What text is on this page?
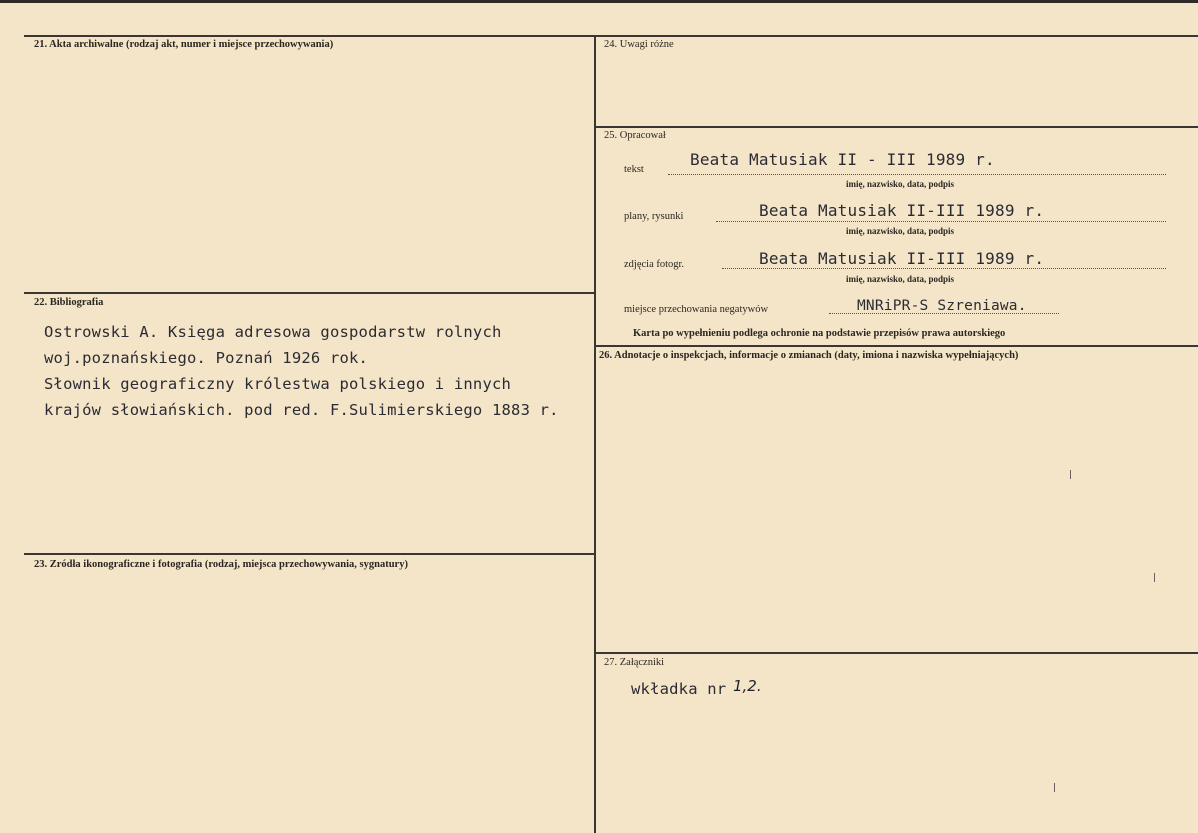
21. Akta archiwalne (rodzaj akt, numer i miejsce przechowywania)
22. Bibliografia
Ostrowski A. Księga adresowa gospodarstw rolnych
woj.poznańskiego. Poznań 1926 rok.
Słownik geograficzny królestwa polskiego i innych
krajów słowiańskich. pod red. F.Sulimierskiego 1883 r.
23. Zródła ikonograficzne i fotografia (rodzaj, miejsca przechowywania, sygnatury)
24. Uwagi różne
25. Opracował
tekst
Beata Matusiak II - III 1989 r.
imię, nazwisko, data, podpis
plany, rysunki	Beata Matusiak II-III 1989 r.
imię, nazwisko, data, podpis
zdjęcia fotogr.	Beata Matusiak II-III 1989 r.
imię, nazwisko, data, podpis
miejsce przechowania negatywów	MNRiPR-S Szreniawa.
Karta po wypełnieniu podlega ochronie na podstawie przepisów prawa autorskiego
26. Adnotacje o inspekcjach, informacje o zmianach (daty, imiona i nazwiska wypełniających)
27. Załączniki
wkładka nr 1,2.
